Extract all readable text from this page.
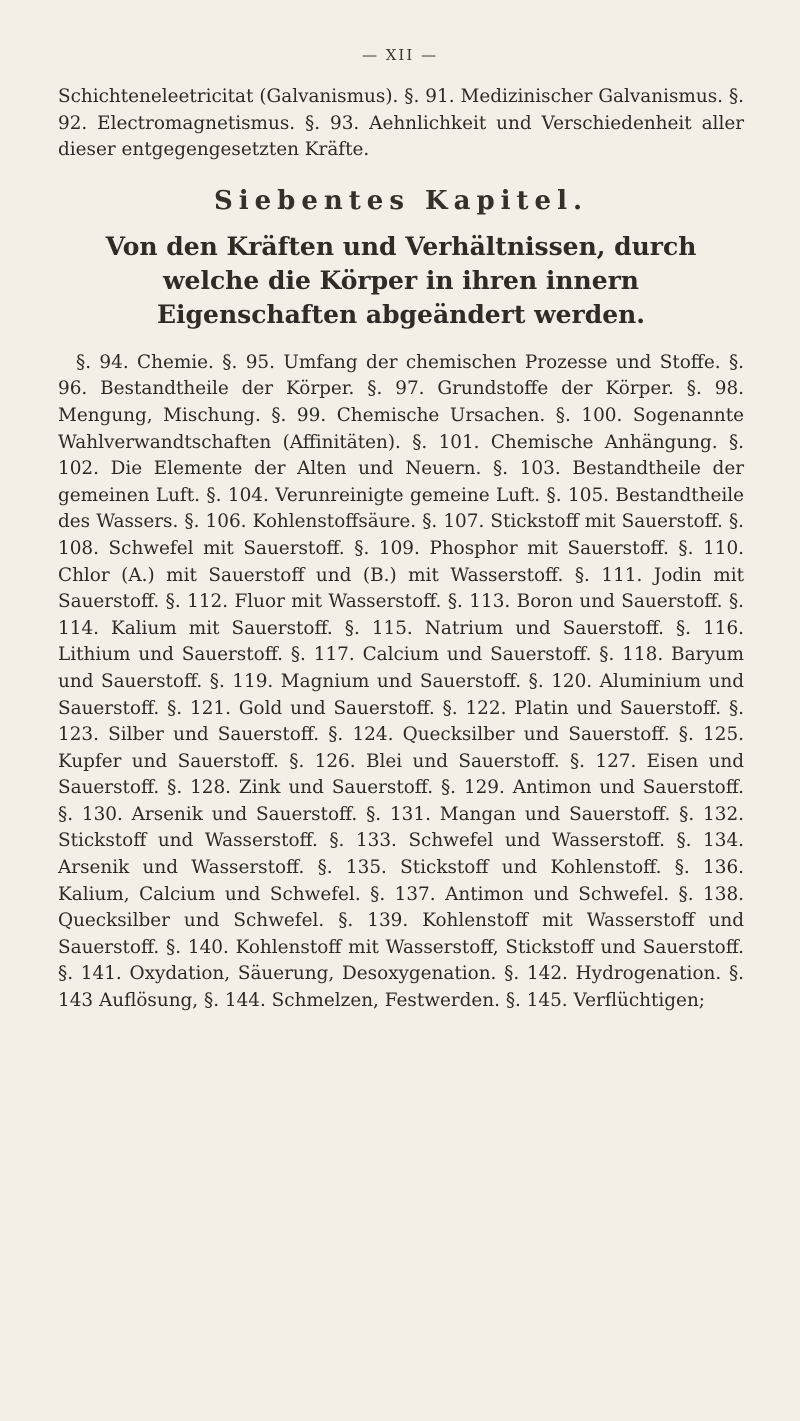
— XII —

Schichteneleetricitat (Galvanismus). §. 91. Medizinischer Galvanismus. §. 92. Electromagnetismus. §. 93. Aehnlichkeit und Verschiedenheit aller dieser entgegengesetzten Kräfte.

Siebentes Kapitel.
Von den Kräften und Verhältnissen, durch welche die Körper in ihren innern Eigenschaften abgeändert werden.

§. 94. Chemie. §. 95. Umfang der chemischen Prozesse und Stoffe. §. 96. Bestandtheile der Körper. §. 97. Grundstoffe der Körper. §. 98. Mengung, Mischung. §. 99. Chemische Ursachen. §. 100. Sogenannte Wahlverwandtschaften (Affinitäten). §. 101. Chemische Anhängung. §. 102. Die Elemente der Alten und Neuern. §. 103. Bestandtheile der gemeinen Luft. §. 104. Verunreinigte gemeine Luft. §. 105. Bestandtheile des Wassers. §. 106. Kohlenstoffsäure. §. 107. Stickstoff mit Sauerstoff. §. 108. Schwefel mit Sauerstoff. §. 109. Phosphor mit Sauerstoff. §. 110. Chlor (A.) mit Sauerstoff und (B.) mit Wasserstoff. §. 111. Jodin mit Sauerstoff. §. 112. Fluor mit Wasserstoff. §. 113. Boron und Sauerstoff. §. 114. Kalium mit Sauerstoff. §. 115. Natrium und Sauerstoff. §. 116. Lithium und Sauerstoff. §. 117. Calcium und Sauerstoff. §. 118. Baryum und Sauerstoff. §. 119. Magnium und Sauerstoff. §. 120. Aluminium und Sauerstoff. §. 121. Gold und Sauerstoff. §. 122. Platin und Sauerstoff. §. 123. Silber und Sauerstoff. §. 124. Quecksilber und Sauerstoff. §. 125. Kupfer und Sauerstoff. §. 126. Blei und Sauerstoff. §. 127. Eisen und Sauerstoff. §. 128. Zink und Sauerstoff. §. 129. Antimon und Sauerstoff. §. 130. Arsenik und Sauerstoff. §. 131. Mangan und Sauerstoff. §. 132. Stickstoff und Wasserstoff. §. 133. Schwefel und Wasserstoff. §. 134. Arsenik und Wasserstoff. §. 135. Stickstoff und Kohlenstoff. §. 136. Kalium, Calcium und Schwefel. §. 137. Antimon und Schwefel. §. 138. Quecksilber und Schwefel. §. 139. Kohlenstoff mit Wasserstoff und Sauerstoff. §. 140. Kohlenstoff mit Wasserstoff, Stickstoff und Sauerstoff. §. 141. Oxydation, Säuerung, Desoxygenation. §. 142. Hydrogenation. §. 143 Auflösung, §. 144. Schmelzen, Festwerden. §. 145. Verflüchtigen;
